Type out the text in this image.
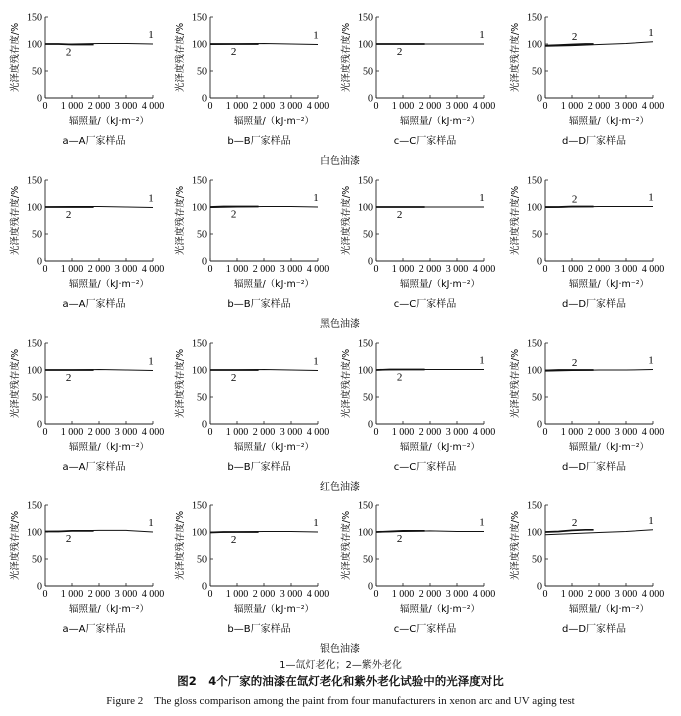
0
50
100
150
0 1 000 2 000 3 000 4 000
光泽度残存度/%
辐照量/（kJ·m⁻²）
1
2
a—A厂家样品
0
50
100
150
0 1 000 2 000 3 000 4 000
光泽度残存度/%
辐照量/（kJ·m⁻²）
1
2
b—B厂家样品
0
50
100
150
0 1 000 2 000 3 000 4 000
光泽度残存度/%
辐照量/（kJ·m⁻²）
1
2
c—C厂家样品
0
50
100
150
0 1 000 2 000 3 000 4 000
光泽度残存度/%
辐照量/（kJ·m⁻²）
1
2
d—D厂家样品
0
50
100
150
0 1 000 2 000 3 000 4 000
光泽度残存度/%
辐照量/（kJ·m⁻²）
1
2
a—A厂家样品
0
50
100
150
0 1 000 2 000 3 000 4 000
光泽度残存度/%
辐照量/（kJ·m⁻²）
1
2
b—B厂家样品
0
50
100
150
0 1 000 2 000 3 000 4 000
光泽度残存度/%
辐照量/（kJ·m⁻²）
1
2
c—C厂家样品
0
50
100
150
0 1 000 2 000 3 000 4 000
光泽度残存度/%
辐照量/（kJ·m⁻²）
1
2
d—D厂家样品
0
50
100
150
0 1 000 2 000 3 000 4 000
光泽度残存度/%
辐照量/（kJ·m⁻²）
1
2
a—A厂家样品
0
50
100
150
0 1 000 2 000 3 000 4 000
光泽度残存度/%
辐照量/（kJ·m⁻²）
1
2
b—B厂家样品
0
50
100
150
0 1 000 2 000 3 000 4 000
光泽度残存度/%
辐照量/（kJ·m⁻²）
1
2
c—C厂家样品
0
50
100
150
0 1 000 2 000 3 000 4 000
光泽度残存度/%
辐照量/（kJ·m⁻²）
1
2
d—D厂家样品
0
50
100
150
0 1 000 2 000 3 000 4 000
光泽度残存度/%
辐照量/（kJ·m⁻²）
1
2
a—A厂家样品
0
50
100
150
0 1 000 2 000 3 000 4 000
光泽度残存度/%
辐照量/（kJ·m⁻²）
1
2
b—B厂家样品
0
50
100
150
0 1 000 2 000 3 000 4 000
光泽度残存度/%
辐照量/（kJ·m⁻²）
1
2
c—C厂家样品
0
50
100
150
0 1 000 2 000 3 000 4 000
光泽度残存度/%
辐照量/（kJ·m⁻²）
1
2
d—D厂家样品
白色油漆
黑色油漆
红色油漆
银色油漆
1—氙灯老化；2—紫外老化
图2　4个厂家的油漆在氙灯老化和紫外老化试验中的光泽度对比
Figure 2　The gloss comparison among the paint from four manufacturers in xenon arc and UV aging test
